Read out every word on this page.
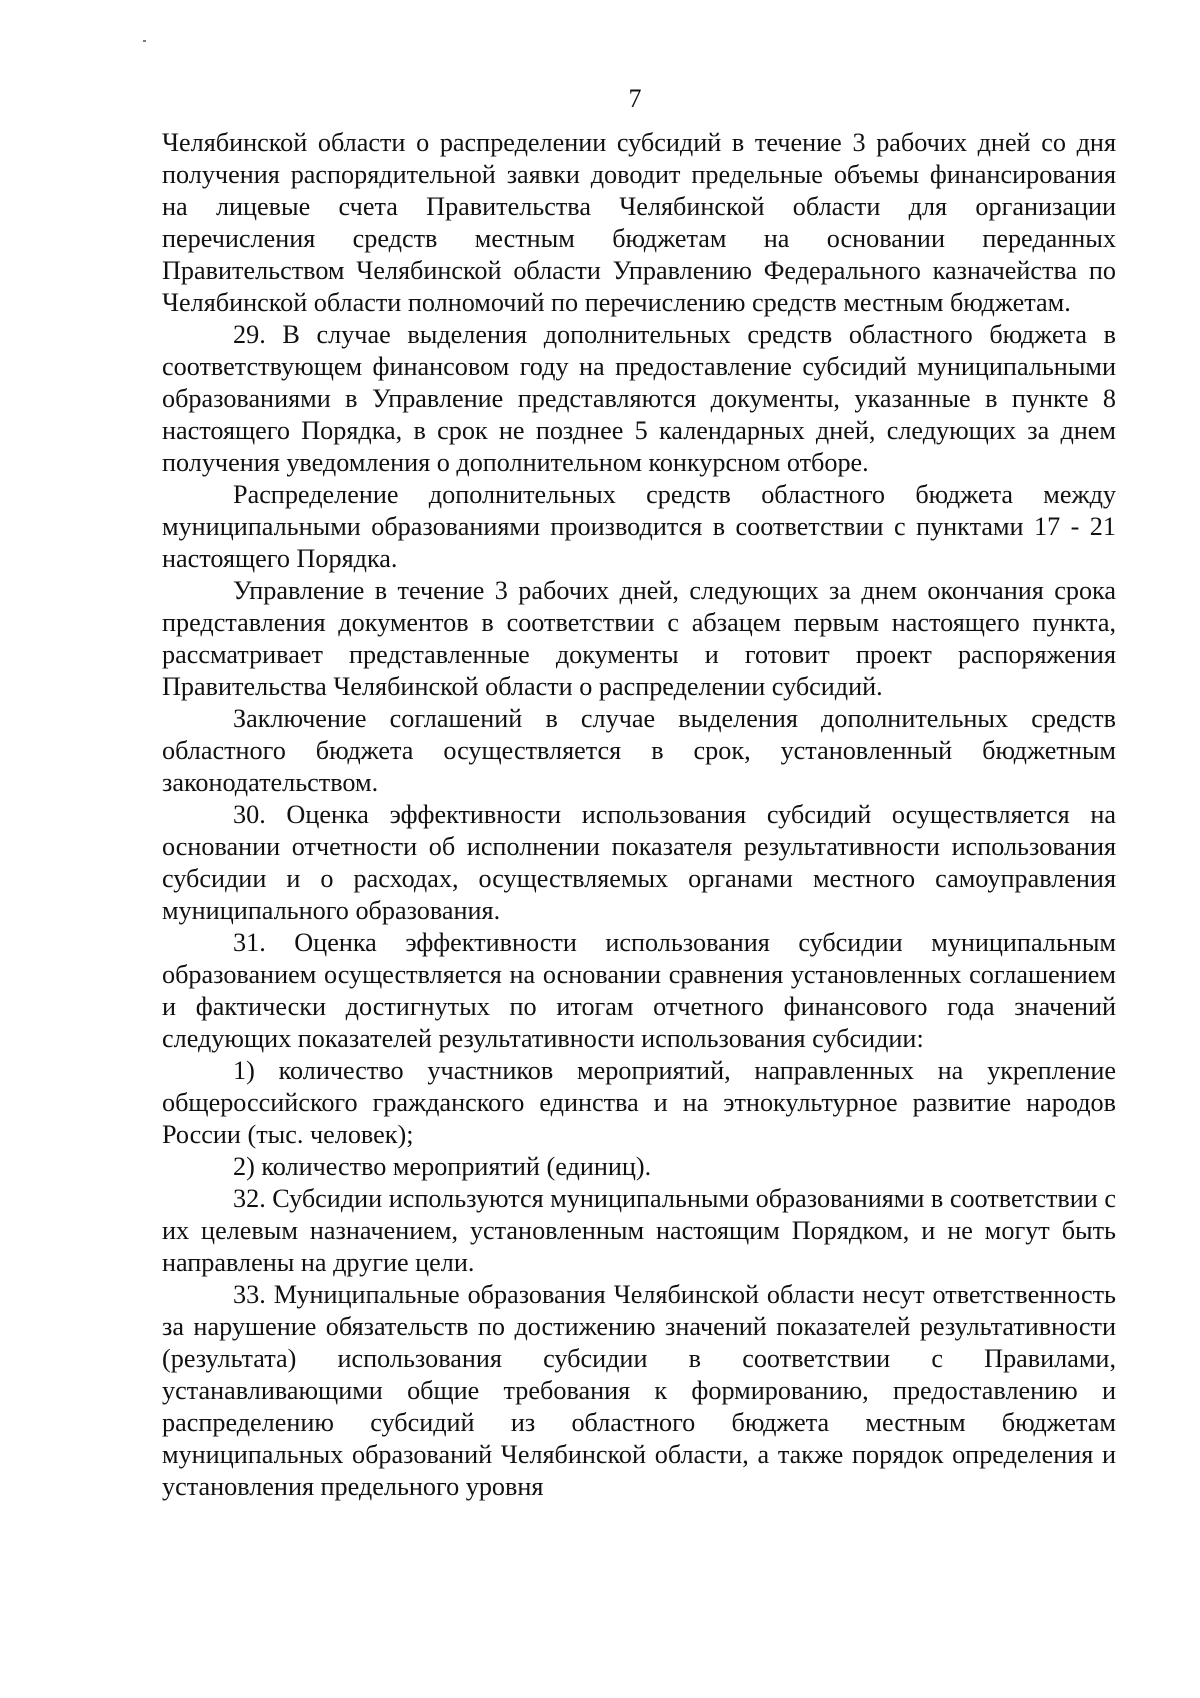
7

Челябинской области о распределении субсидий в течение 3 рабочих дней со дня получения распорядительной заявки доводит предельные объемы финансирования на лицевые счета Правительства Челябинской области для организации перечисления средств местным бюджетам на основании переданных Правительством Челябинской области Управлению Федерального казначейства по Челябинской области полномочий по перечислению средств местным бюджетам.

29. В случае выделения дополнительных средств областного бюджета в соответствующем финансовом году на предоставление субсидий муниципальными образованиями в Управление представляются документы, указанные в пункте 8 настоящего Порядка, в срок не позднее 5 календарных дней, следующих за днем получения уведомления о дополнительном конкурсном отборе.

Распределение дополнительных средств областного бюджета между муниципальными образованиями производится в соответствии с пунктами 17 - 21 настоящего Порядка.

Управление в течение 3 рабочих дней, следующих за днем окончания срока представления документов в соответствии с абзацем первым настоящего пункта, рассматривает представленные документы и готовит проект распоряжения Правительства Челябинской области о распределении субсидий.

Заключение соглашений в случае выделения дополнительных средств областного бюджета осуществляется в срок, установленный бюджетным законодательством.

30. Оценка эффективности использования субсидий осуществляется на основании отчетности об исполнении показателя результативности использования субсидии и о расходах, осуществляемых органами местного самоуправления муниципального образования.

31. Оценка эффективности использования субсидии муниципальным образованием осуществляется на основании сравнения установленных соглашением и фактически достигнутых по итогам отчетного финансового года значений следующих показателей результативности использования субсидии:

1) количество участников мероприятий, направленных на укрепление общероссийского гражданского единства и на этнокультурное развитие народов России (тыс. человек);

2) количество мероприятий (единиц).

32. Субсидии используются муниципальными образованиями в соответствии с их целевым назначением, установленным настоящим Порядком, и не могут быть направлены на другие цели.

33. Муниципальные образования Челябинской области несут ответственность за нарушение обязательств по достижению значений показателей результативности (результата) использования субсидии в соответствии с Правилами, устанавливающими общие требования к формированию, предоставлению и распределению субсидий из областного бюджета местным бюджетам муниципальных образований Челябинской области, а также порядок определения и установления предельного уровня
